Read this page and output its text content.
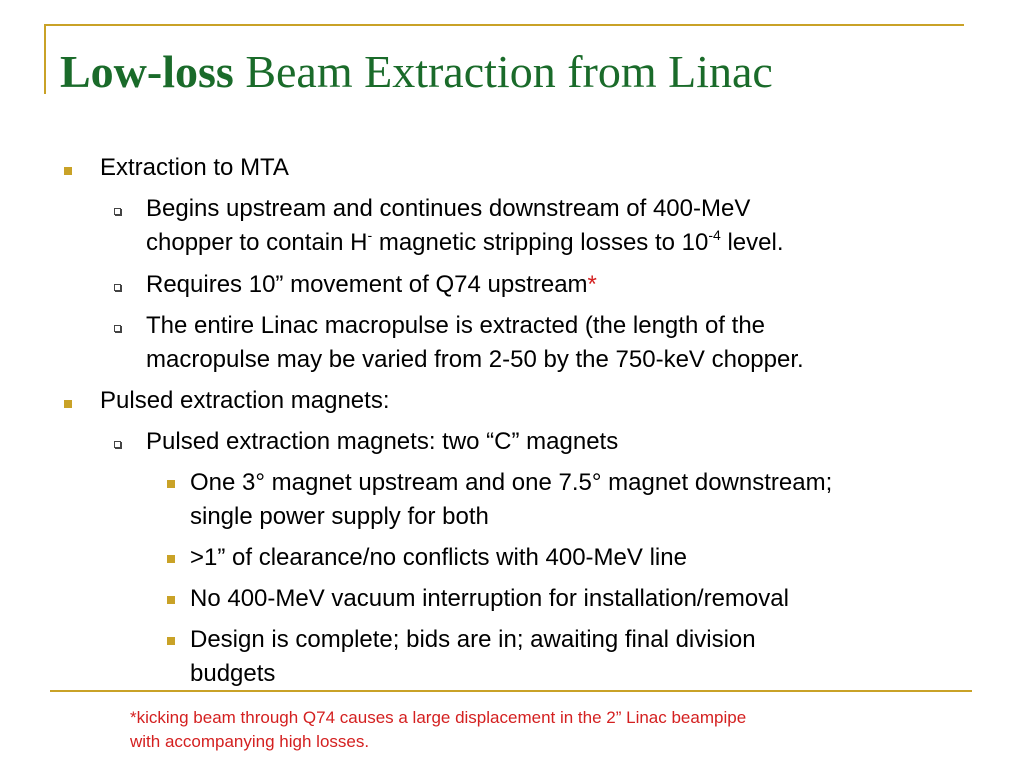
Low-loss Beam Extraction from Linac
Extraction to MTA
Begins upstream and continues downstream of 400-MeV
chopper to contain H- magnetic stripping losses to $10^{-4}$ level.
Requires 10” movement of Q74 upstream*
The entire Linac macropulse is extracted (the length of the
macropulse may be varied from 2-50 by the 750-keV chopper.
Pulsed extraction magnets:
Pulsed extraction magnets: two “C” magnets
One 3° magnet upstream and one 7.5° magnet downstream;
single power supply for both
>1” of clearance/no conflicts with 400-MeV line
No 400-MeV vacuum interruption for installation/removal
Design is complete; bids are in; awaiting final division
budgets
*kicking beam through Q74 causes a large displacement in the 2” Linac beampipe
with accompanying high losses.
